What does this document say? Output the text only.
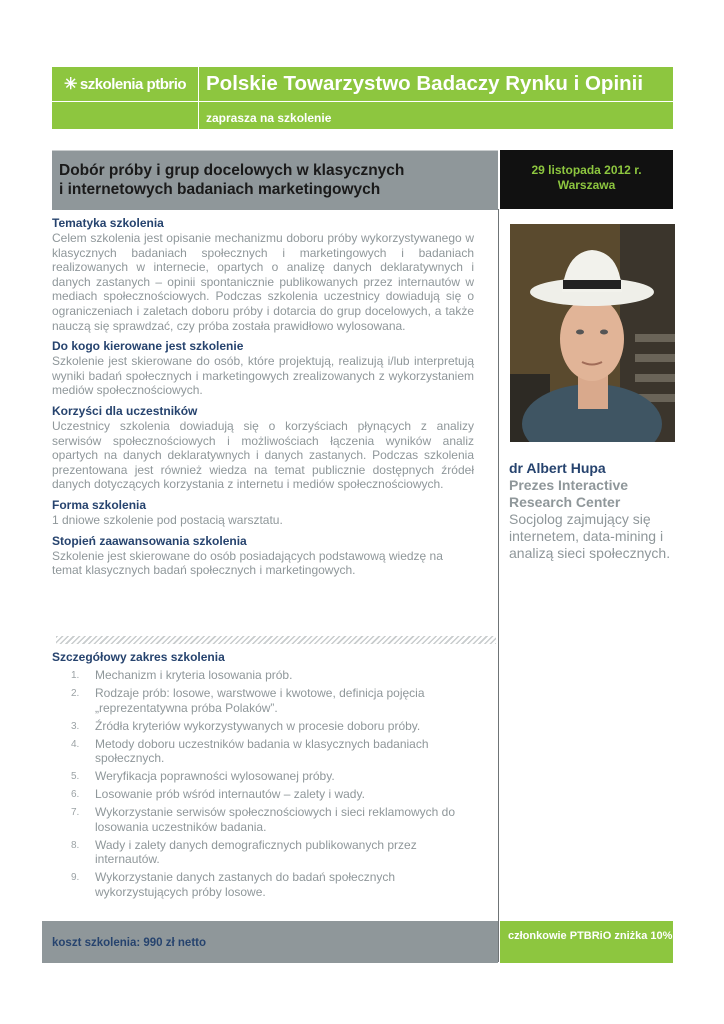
✳ szkolenia ptbrio Polskie Towarzystwo Badaczy Rynku i Opinii
zaprasza na szkolenie
Dobór próby i grup docelowych w klasycznych
i internetowych badaniach marketingowych
29 listopada 2012 r.
Warszawa

Tematyka szkolenia

Celem szkolenia jest opisanie mechanizmu doboru próby wykorzystywanego w klasycznych badaniach społecznych i marketingowych i badaniach realizowanych w internecie, opartych o analizę danych deklaratywnych i danych zastanych – opinii spontanicznie publikowanych przez internautów w mediach społecznościowych. Podczas szkolenia uczestnicy dowiadują się o ograniczeniach i zaletach doboru próby i dotarcia do grup docelowych, a także nauczą się sprawdzać, czy próba została prawidłowo wylosowana.

Do kogo kierowane jest szkolenie

Szkolenie jest skierowane do osób, które projektują, realizują i/lub interpretują wyniki badań społecznych i marketingowych zrealizowanych z wykorzystaniem mediów społecznościowych.

Korzyści dla uczestników

Uczestnicy szkolenia dowiadują się o korzyściach płynących z analizy serwisów społecznościowych i możliwościach łączenia wyników analiz opartych na danych deklaratywnych i danych zastanych. Podczas szkolenia prezentowana jest również wiedza na temat publicznie dostępnych źródeł danych dotyczących korzystania z internetu i mediów społecznościowych.

Forma szkolenia

1 dniowe szkolenie pod postacią warsztatu.

Stopień zaawansowania szkolenia

Szkolenie jest skierowane do osób posiadających podstawową wiedzę na temat klasycznych badań społecznych i marketingowych.

Szczegółowy zakres szkolenia

1. Mechanizm i kryteria losowania prób.
2. Rodzaje prób: losowe, warstwowe i kwotowe, definicja pojęcia „reprezentatywna próba Polaków”.
3. Źródła kryteriów wykorzystywanych w procesie doboru próby.
4. Metody doboru uczestników badania w klasycznych badaniach społecznych.
5. Weryfikacja poprawności wylosowanej próby.
6. Losowanie prób wśród internautów – zalety i wady.
7. Wykorzystanie serwisów społecznościowych i sieci reklamowych do losowania uczestników badania.
8. Wady i zalety danych demograficznych publikowanych przez internautów.
9. Wykorzystanie danych zastanych do badań społecznych wykorzystujących próby losowe.
dr Albert Hupa
Prezes Interactive Research Center
Socjolog zajmujący się internetem, data-mining i analizą sieci społecznych.
koszt szkolenia: 990 zł netto
członkowie PTBRiO zniżka 10%
